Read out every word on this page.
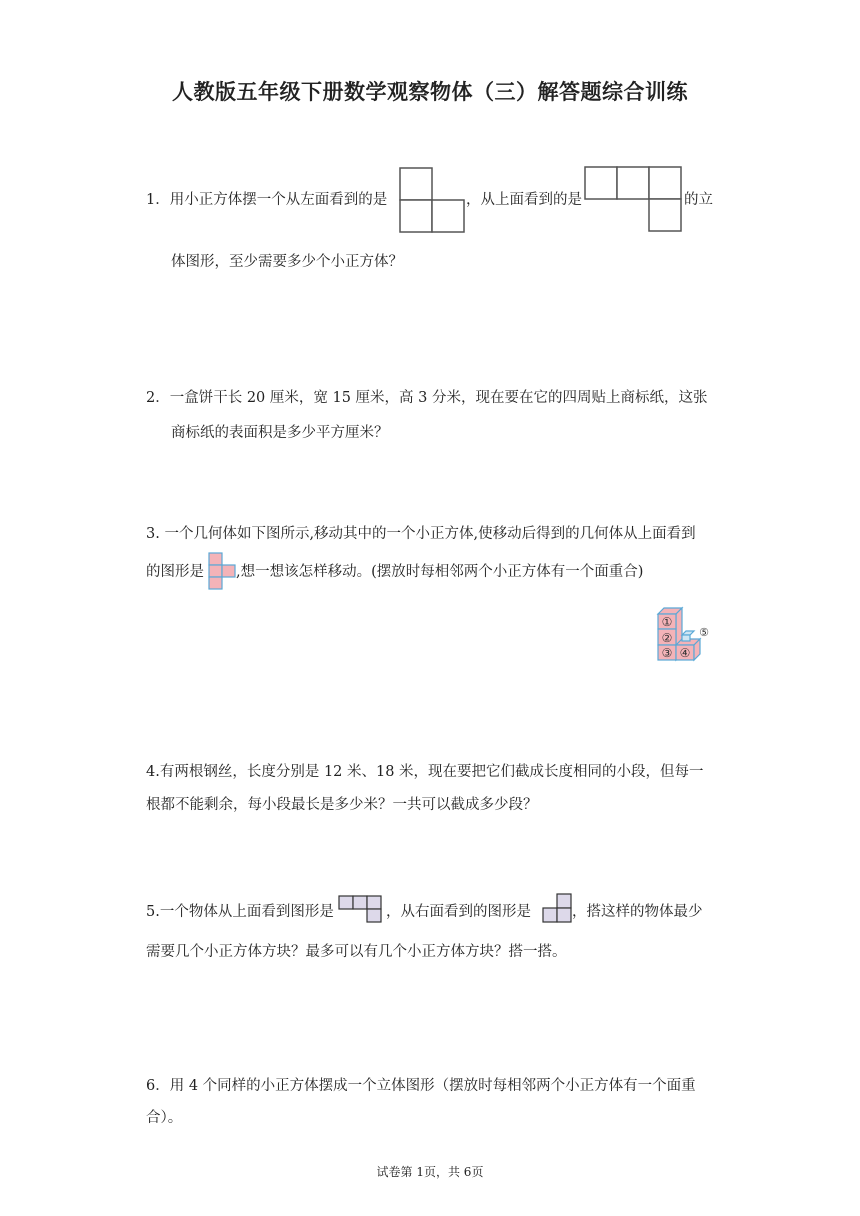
人教版五年级下册数学观察物体（三）解答题综合训练
1．用小正方体摆一个从左面看到的是	，从上面看到的是	的立
体图形，至少需要多少个小正方体？
2．一盒饼干长 20 厘米，宽 15 厘米，高 3 分米，现在要在它的四周贴上商标纸，这张
商标纸的表面积是多少平方厘米？
3. 一个几何体如下图所示,移动其中的一个小正方体,使移动后得到的几何体从上面看到
的图形是 ,想一想该怎样移动。(摆放时每相邻两个小正方体有一个面重合)
①
②
③ ④
⑤
4.有两根钢丝，长度分别是 12 米、18 米，现在要把它们截成长度相同的小段，但每一
根都不能剩余，每小段最长是多少米？一共可以截成多少段？
5.一个物体从上面看到图形是	，从右面看到的图形是	，搭这样的物体最少
需要几个小正方体方块？最多可以有几个小正方体方块？搭一搭。
6．用 4 个同样的小正方体摆成一个立体图形（摆放时每相邻两个小正方体有一个面重
合）。
试卷第 1页，共 6页
